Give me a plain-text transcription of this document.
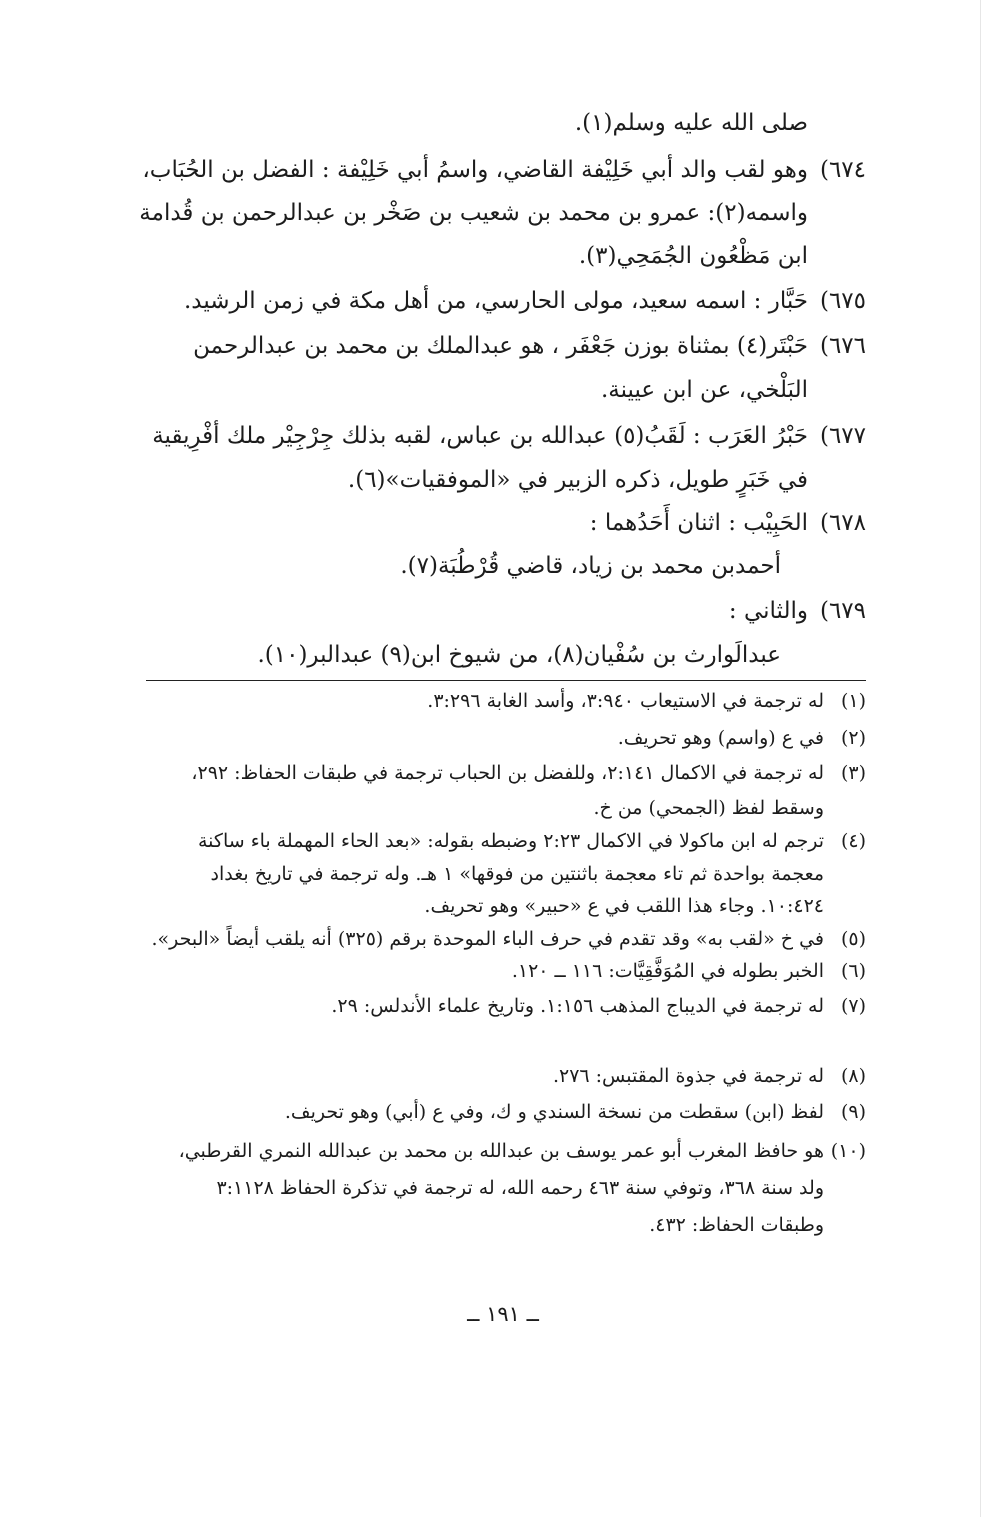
صلى الله عليه وسلم(١).
٦٧٤)وهو لقب والد أبي خَلِيْفة القاضي، واسمُ أبي خَلِيْفة : الفضل بن الحُبَاب،
واسمه(٢): عمرو بن محمد بن شعيب بن صَخْر بن عبدالرحمن بن قُدامة
ابن مَظْعُون الجُمَحِي(٣).
٦٧٥)حَبَّار : اسمه سعيد، مولى الحارسي، من أهل مكة في زمن الرشيد.
٦٧٦)حَبْتَر(٤) بمثناة بوزن جَعْفَر ، هو عبدالملك بن محمد بن عبدالرحمن
البَلْخي، عن ابن عيينة.
٦٧٧)حَبْرُ العَرَب : لَقَبُ(٥) عبدالله بن عباس، لقبه بذلك جِرْجِيْر ملك أفْرِيقية
في خَبَرٍ طويل، ذكره الزبير في «الموفقيات»(٦).
٦٧٨)الحَبِيْب : اثنان أَحَدُهما :
أحمدبن محمد بن زياد، قاضي قُرْطُبَة(٧).
٦٧٩)والثاني :
عبدالَوارث بن سُفْيان(٨)، من شيوخ ابن(٩) عبدالبر(١٠).
(١)له ترجمة في الاستيعاب ٣:٩٤٠، وأسد الغابة ٣:٢٩٦.
(٢)في ع (واسم) وهو تحريف.
(٣)له ترجمة في الاكمال ٢:١٤١، وللفضل بن الحباب ترجمة في طبقات الحفاظ: ٢٩٢،
وسقط لفظ (الجمحي) من خ.
(٤)ترجم له ابن ماكولا في الاكمال ٢:٢٣ وضبطه بقوله: «بعد الحاء المهملة باء ساكنة
معجمة بواحدة ثم تاء معجمة باثنتين من فوقها» ١ هـ. وله ترجمة في تاريخ بغداد
١٠:٤٢٤. وجاء هذا اللقب في ع «حبير» وهو تحريف.
(٥)في خ «لقب به» وقد تقدم في حرف الباء الموحدة برقم (٣٢٥) أنه يلقب أيضاً «البحر».
(٦)الخبر بطوله في المُوَفَّقِيَّات: ١١٦ ــ ١٢٠.
(٧)له ترجمة في الديباج المذهب ١:١٥٦. وتاريخ علماء الأندلس: ٢٩.
(٨)له ترجمة في جذوة المقتبس: ٢٧٦.
(٩)لفظ (ابن) سقطت من نسخة السندي و ك، وفي ع (أبي) وهو تحريف.
(١٠)هو حافظ المغرب أبو عمر يوسف بن عبدالله بن محمد بن عبدالله النمري القرطبي،
ولد سنة ٣٦٨، وتوفي سنة ٤٦٣ رحمه الله، له ترجمة في تذكرة الحفاظ ٣:١١٢٨
وطبقات الحفاظ: ٤٣٢.
ــ ١٩١ ــ
